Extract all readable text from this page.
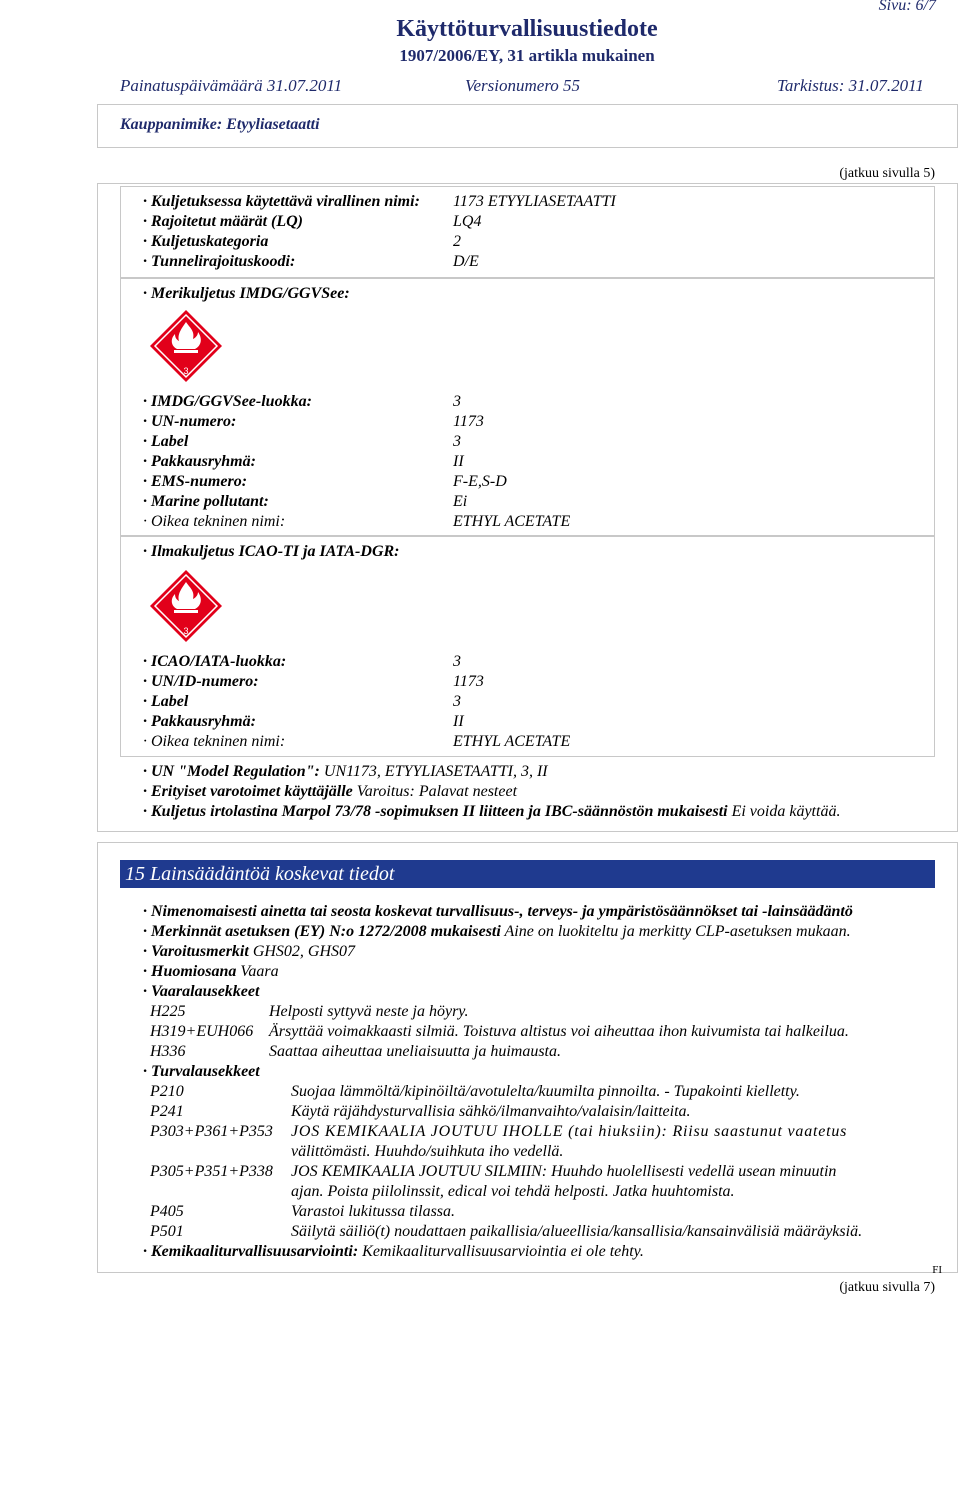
Sivu: 6/7
Käyttöturvallisuustiedote
1907/2006/EY, 31 artikla mukainen
Painatuspäivämäärä 31.07.2011	Versionumero 55	Tarkistus: 31.07.2011
Kauppanimike: Etyyliasetaatti
(jatkuu sivulla 5)
· Kuljetuksessa käytettävä virallinen nimi: 1173 ETYYLIASETAATTI
· Rajoitetut määrät (LQ)	LQ4
· Kuljetuskategoria	2
· Tunnelirajoituskoodi:	D/E
· Merikuljetus IMDG/GGVSee:
3
· IMDG/GGVSee-luokka:	3
· UN-numero:	1173
· Label	3
· Pakkausryhmä:	II
· EMS-numero:	F-E,S-D
· Marine pollutant:	Ei
· Oikea tekninen nimi:	ETHYL ACETATE
· Ilmakuljetus ICAO-TI ja IATA-DGR:
3
· ICAO/IATA-luokka:	3
· UN/ID-numero:	1173
· Label	3
· Pakkausryhmä:	II
· Oikea tekninen nimi:	ETHYL ACETATE
· UN "Model Regulation": UN1173, ETYYLIASETAATTI, 3, II
· Erityiset varotoimet käyttäjälle Varoitus: Palavat nesteet
· Kuljetus irtolastina Marpol 73/78 -sopimuksen II liitteen ja IBC-säännöstön mukaisesti Ei voida käyttää.
15 Lainsäädäntöä koskevat tiedot
· Nimenomaisesti ainetta tai seosta koskevat turvallisuus-, terveys- ja ympäristösäännökset tai -lainsäädäntö
· Merkinnät asetuksen (EY) N:o 1272/2008 mukaisesti Aine on luokiteltu ja merkitty CLP-asetuksen mukaan.
· Varoitusmerkit GHS02, GHS07
· Huomiosana Vaara
· Vaaralausekkeet
H225	Helposti syttyvä neste ja höyry.
H319+EUH066 Ärsyttää voimakkaasti silmiä. Toistuva altistus voi aiheuttaa ihon kuivumista tai halkeilua.
H336	Saattaa aiheuttaa uneliaisuutta ja huimausta.
· Turvalausekkeet
P210	Suojaa lämmöltä/kipinöiltä/avotulelta/kuumilta pinnoilta. - Tupakointi kielletty.
P241	Käytä räjähdysturvallisia sähkö/ilmanvaihto/valaisin/laitteita.
P303+P361+P353 JOS KEMIKAALIA JOUTUU IHOLLE (tai hiuksiin): Riisu saastunut vaatetus
välittömästi. Huuhdo/suihkuta iho vedellä.
P305+P351+P338 JOS KEMIKAALIA JOUTUU SILMIIN: Huuhdo huolellisesti vedellä usean minuutin
ajan. Poista piilolinssit, edical voi tehdä helposti. Jatka huuhtomista.
P405	Varastoi lukitussa tilassa.
P501	Säilytä säiliö(t) noudattaen paikallisia/alueellisia/kansallisia/kansainvälisiä määräyksiä.
· Kemikaaliturvallisuusarviointi: Kemikaaliturvallisuusarviointia ei ole tehty.
FI
(jatkuu sivulla 7)
